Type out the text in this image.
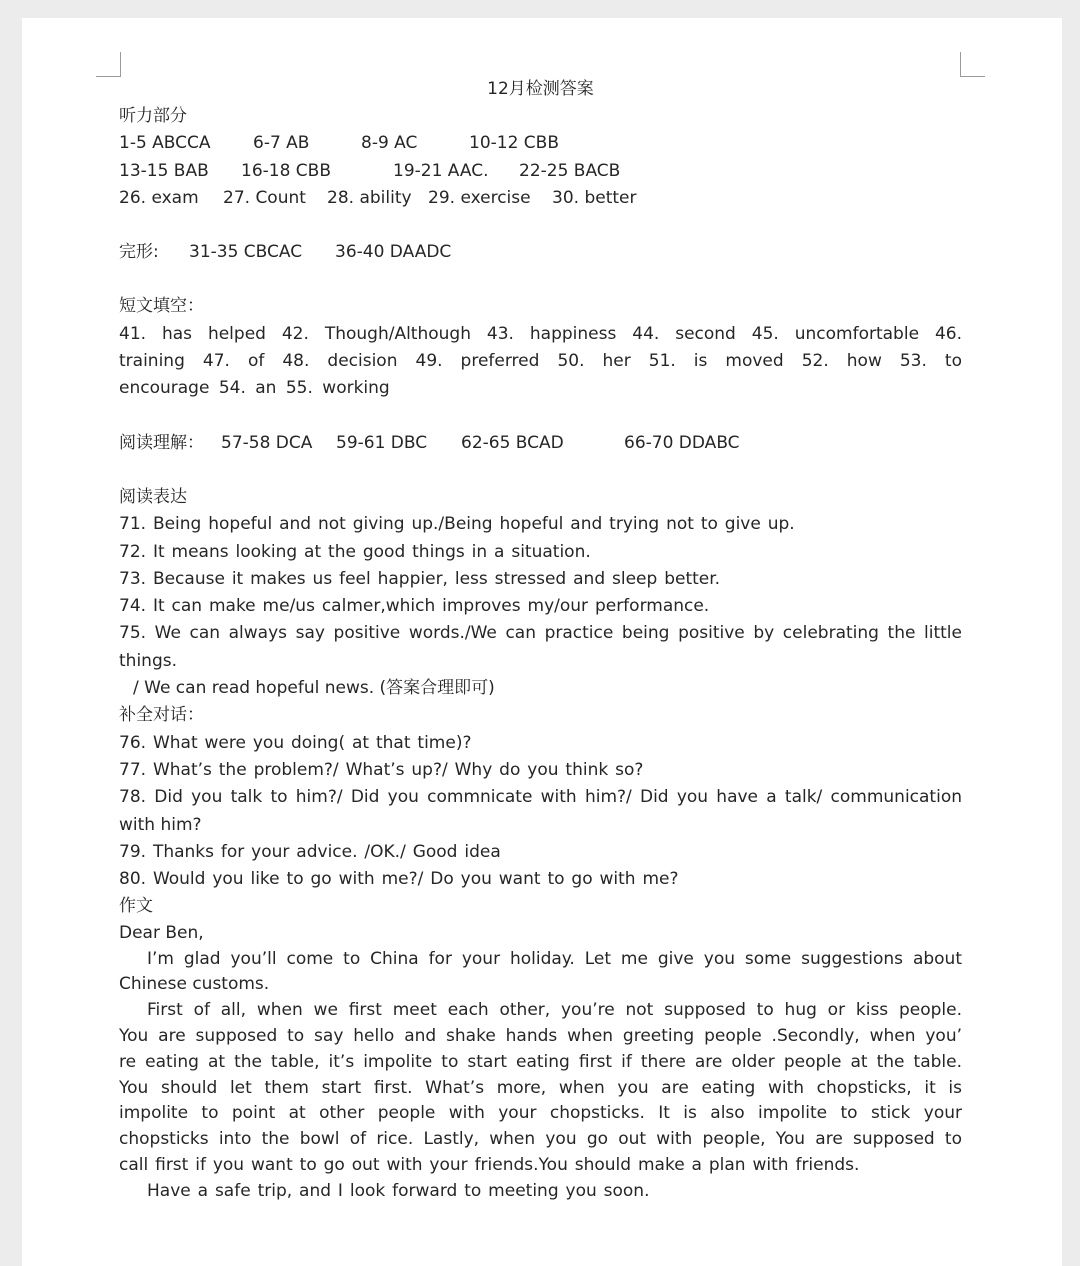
12月检测答案
听力部分
1-5 ABCCA 6-7 AB	8-9 AC	10-12 CBB
13-15 BAB 16-18 CBB	19-21 AAC. 22-25 BACB
26. exam 27. Count 28. ability 29. exercise 30. better
完形: 31-35 CBCAC 36-40 DAADC
短文填空：
41. has helped 42. Though/Although 43. happiness 44. second 45. uncomfortable 46.
training 47. of 48. decision 49. preferred 50. her 51. is moved 52. how 53. to
encourage 54. an 55. working
阅读理解： 57-58 DCA 59-61 DBC 62-65 BCAD	66-70 DDABC
阅读表达
71. Being hopeful and not giving up./Being hopeful and trying not to give up.
72. It means looking at the good things in a situation.
73. Because it makes us feel happier, less stressed and sleep better.
74. It can make me/us calmer,which improves my/our performance.
75. We can always say positive words./We can practice being positive by celebrating the little
things.
/ We can read hopeful news. (答案合理即可)
补全对话：
76. What were you doing( at that time)?
77. What’s the problem?/ What’s up?/ Why do you think so?
78. Did you talk to him?/ Did you commnicate with him?/ Did you have a talk/ communication
with him?
79. Thanks for your advice. /OK./ Good idea
80. Would you like to go with me?/ Do you want to go with me?
作文
Dear Ben,
I’m glad you’ll come to China for your holiday. Let me give you some suggestions about
Chinese customs.
First of all, when we first meet each other, you’re not supposed to hug or kiss people.
You are supposed to say hello and shake hands when greeting people .Secondly, when you’
re eating at the table, it’s impolite to start eating first if there are older people at the table.
You should let them start first. What’s more, when you are eating with chopsticks, it is
impolite to point at other people with your chopsticks. It is also impolite to stick your
chopsticks into the bowl of rice. Lastly, when you go out with people, You are supposed to
call first if you want to go out with your friends.You should make a plan with friends.
Have a safe trip, and I look forward to meeting you soon.
